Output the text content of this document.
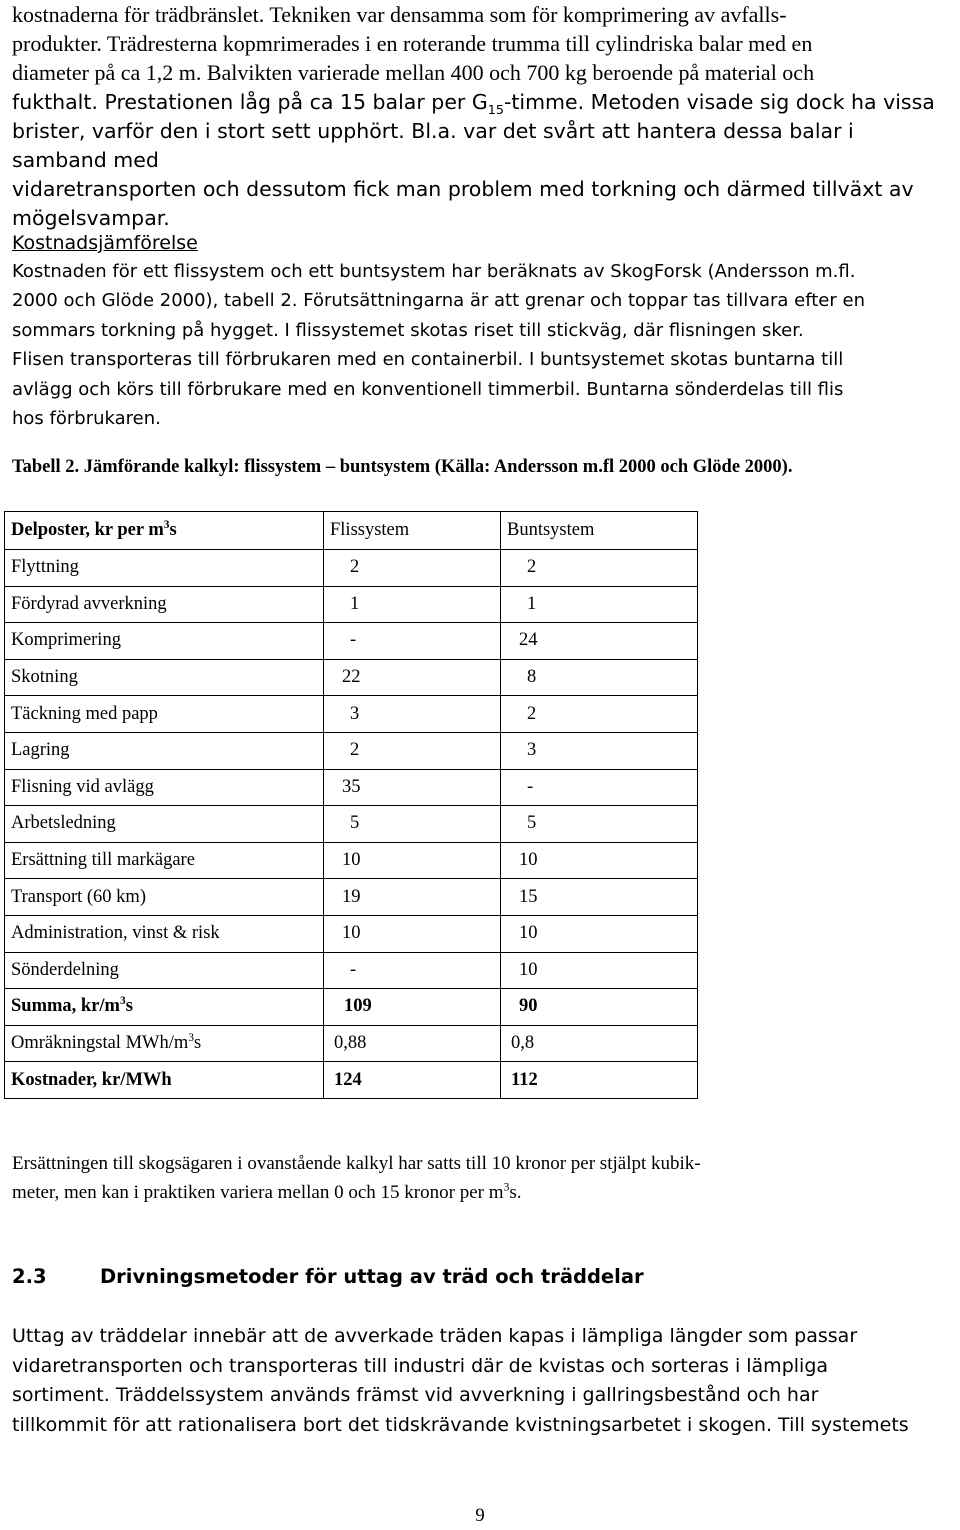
kostnaderna för trädbränslet. Tekniken var densamma som för komprimering av avfalls-
produkter. Trädresterna kopmrimerades i en roterande trumma till cylindriska balar med en
diameter på ca 1,2 m. Balvikten varierade mellan 400 och 700 kg beroende på material och
fukthalt. Prestationen låg på ca 15 balar per $G_{15}$-timme. Metoden visade sig dock ha vissa
brister, varför den i stort sett upphört. Bl.a. var det svårt att hantera dessa balar i samband med
vidaretransporten och dessutom fick man problem med torkning och därmed tillväxt av
mögelsvampar.

Kostnadsjämförelse

Kostnaden för ett flissystem och ett buntsystem har beräknats av SkogForsk (Andersson m.fl.
2000 och Glöde 2000), tabell 2. Förutsättningarna är att grenar och toppar tas tillvara efter en
sommars torkning på hygget. I flissystemet skotas riset till stickväg, där flisningen sker.
Flisen transporteras till förbrukaren med en containerbil. I buntsystemet skotas buntarna till
avlägg och körs till förbrukare med en konventionell timmerbil. Buntarna sönderdelas till flis
hos förbrukaren.

Tabell 2. Jämförande kalkyl: flissystem – buntsystem (Källa: Andersson m.fl 2000 och Glöde 2000).

Delposter, kr per $m^3s$	Flissystem	Buntsystem
Flyttning	2	2
Fördyrad avverkning	1	1
Komprimering	-	24
Skotning	22	8
Täckning med papp	3	2
Lagring	2	3
Flisning vid avlägg	35	-
Arbetsledning	5	5
Ersättning till markägare	10	10
Transport (60 km)	19	15
Administration, vinst & risk	10	10
Sönderdelning	-	10
Summa, $kr/m^3s$	109	90
Omräkningstal MWh/$m^3s$	0,88	0,8
Kostnader, kr/MWh	124	112
Ersättningen till skogsägaren i ovanstående kalkyl har satts till 10 kronor per stjälpt kubik-
meter, men kan i praktiken variera mellan 0 och 15 kronor per $m^3s$.

2.3	Drivningsmetoder för uttag av träd och träddelar

Uttag av träddelar innebär att de avverkade träden kapas i lämpliga längder som passar
vidaretransporten och transporteras till industri där de kvistas och sorteras i lämpliga
sortiment. Träddelssystem används främst vid avverkning i gallringsbestånd och har
tillkommit för att rationalisera bort det tidskrävande kvistningsarbetet i skogen. Till systemets

9
